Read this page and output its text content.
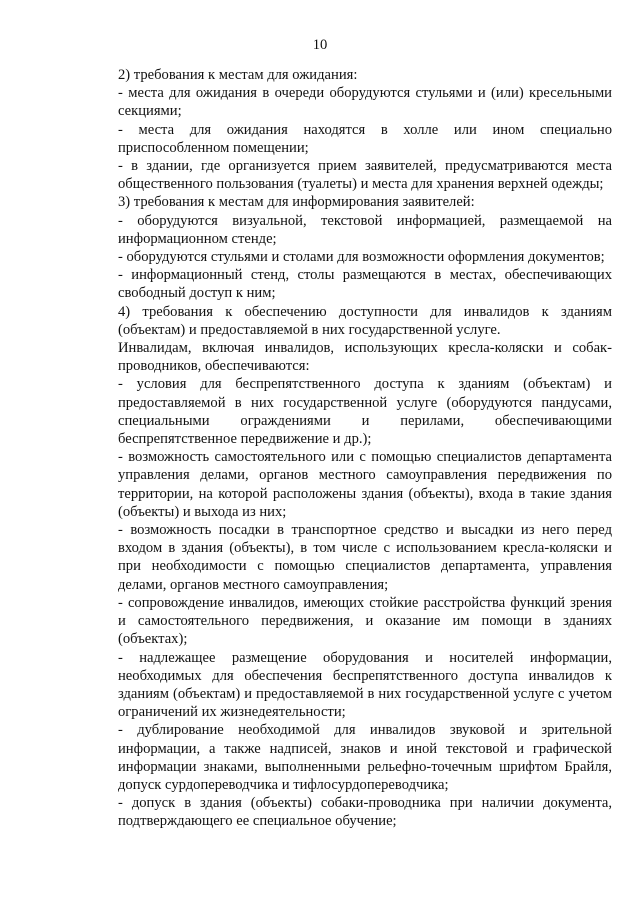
10

2) требования к местам для ожидания:

- места для ожидания в очереди оборудуются стульями и (или) кресельными секциями;

- места для ожидания находятся в холле или ином специально приспособленном помещении;

- в здании, где организуется прием заявителей, предусматриваются места общественного пользования (туалеты) и места для хранения верхней одежды;

3) требования к местам для информирования заявителей:

- оборудуются визуальной, текстовой информацией, размещаемой на информационном стенде;

- оборудуются стульями и столами для возможности оформления документов;

- информационный стенд, столы размещаются в местах, обеспечивающих свободный доступ к ним;

4) требования к обеспечению доступности для инвалидов к зданиям (объектам) и предоставляемой в них государственной услуге.

Инвалидам, включая инвалидов, использующих кресла-коляски и собак-проводников, обеспечиваются:

- условия для беспрепятственного доступа к зданиям (объектам) и предоставляемой в них государственной услуге (оборудуются пандусами, специальными ограждениями и перилами, обеспечивающими беспрепятственное передвижение и др.);

- возможность самостоятельного или с помощью специалистов департамента управления делами, органов местного самоуправления передвижения по территории, на которой расположены здания (объекты), входа в такие здания (объекты) и выхода из них;

- возможность посадки в транспортное средство и высадки из него перед входом в здания (объекты), в том числе с использованием кресла-коляски и при необходимости с помощью специалистов департамента, управления делами, органов местного самоуправления;

- сопровождение инвалидов, имеющих стойкие расстройства функций зрения и самостоятельного передвижения, и оказание им помощи в зданиях (объектах);

- надлежащее размещение оборудования и носителей информации, необходимых для обеспечения беспрепятственного доступа инвалидов к зданиям (объектам) и предоставляемой в них государственной услуге с учетом ограничений их жизнедеятельности;

- дублирование необходимой для инвалидов звуковой и зрительной информации, а также надписей, знаков и иной текстовой и графической информации знаками, выполненными рельефно-точечным шрифтом Брайля, допуск сурдопереводчика и тифлосурдопереводчика;

- допуск в здания (объекты) собаки-проводника при наличии документа, подтверждающего ее специальное обучение;
